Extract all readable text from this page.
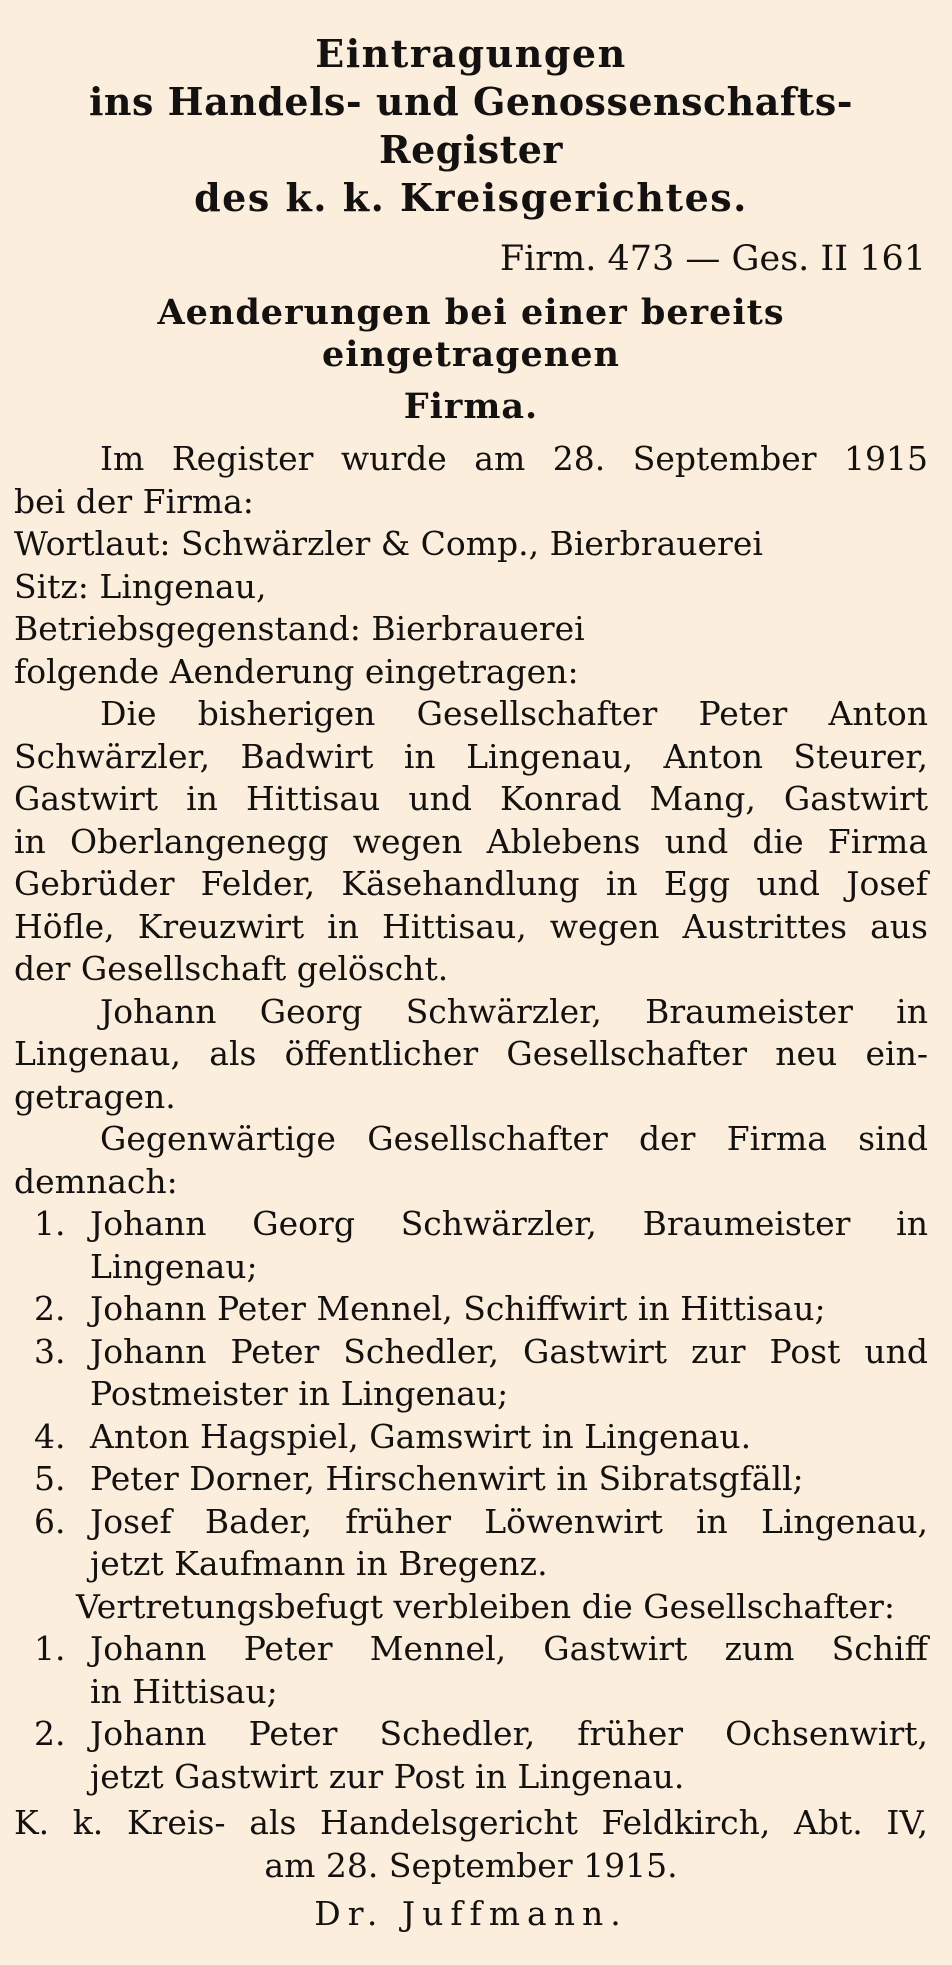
Eintragungen
ins Handels- und Genossenschafts-Register
des k. k. Kreisgerichtes.
Firm. 473 — Ges. II 161
Aenderungen bei einer bereits eingetragenen
Firma.
Im Register wurde am 28. September 1915
bei der Firma:
Wortlaut: Schwärzler & Comp., Bierbrauerei
Sitz: Lingenau,
Betriebsgegenstand: Bierbrauerei
folgende Aenderung eingetragen:
Die bisherigen Gesellschafter Peter Anton
Schwärzler, Badwirt in Lingenau, Anton Steurer,
Gastwirt in Hittisau und Konrad Mang, Gastwirt
in Oberlangenegg wegen Ablebens und die Firma
Gebrüder Felder, Käsehandlung in Egg und Josef
Höfle, Kreuzwirt in Hittisau, wegen Austrittes aus
der Gesellschaft gelöscht.
Johann Georg Schwärzler, Braumeister in
Lingenau, als öffentlicher Gesellschafter neu ein-
getragen.
Gegenwärtige Gesellschafter der Firma sind
demnach:
1. Johann Georg Schwärzler, Braumeister in
Lingenau;
2. Johann Peter Mennel, Schiffwirt in Hittisau;
3. Johann Peter Schedler, Gastwirt zur Post und
Postmeister in Lingenau;
4. Anton Hagspiel, Gamswirt in Lingenau.
5. Peter Dorner, Hirschenwirt in Sibratsgfäll;
6. Josef Bader, früher Löwenwirt in Lingenau,
jetzt Kaufmann in Bregenz.
Vertretungsbefugt verbleiben die Gesellschafter:
1. Johann Peter Mennel, Gastwirt zum Schiff
in Hittisau;
2. Johann Peter Schedler, früher Ochsenwirt,
jetzt Gastwirt zur Post in Lingenau.
K. k. Kreis- als Handelsgericht Feldkirch, Abt. IV,
am 28. September 1915.
Dr. Juffmann.
